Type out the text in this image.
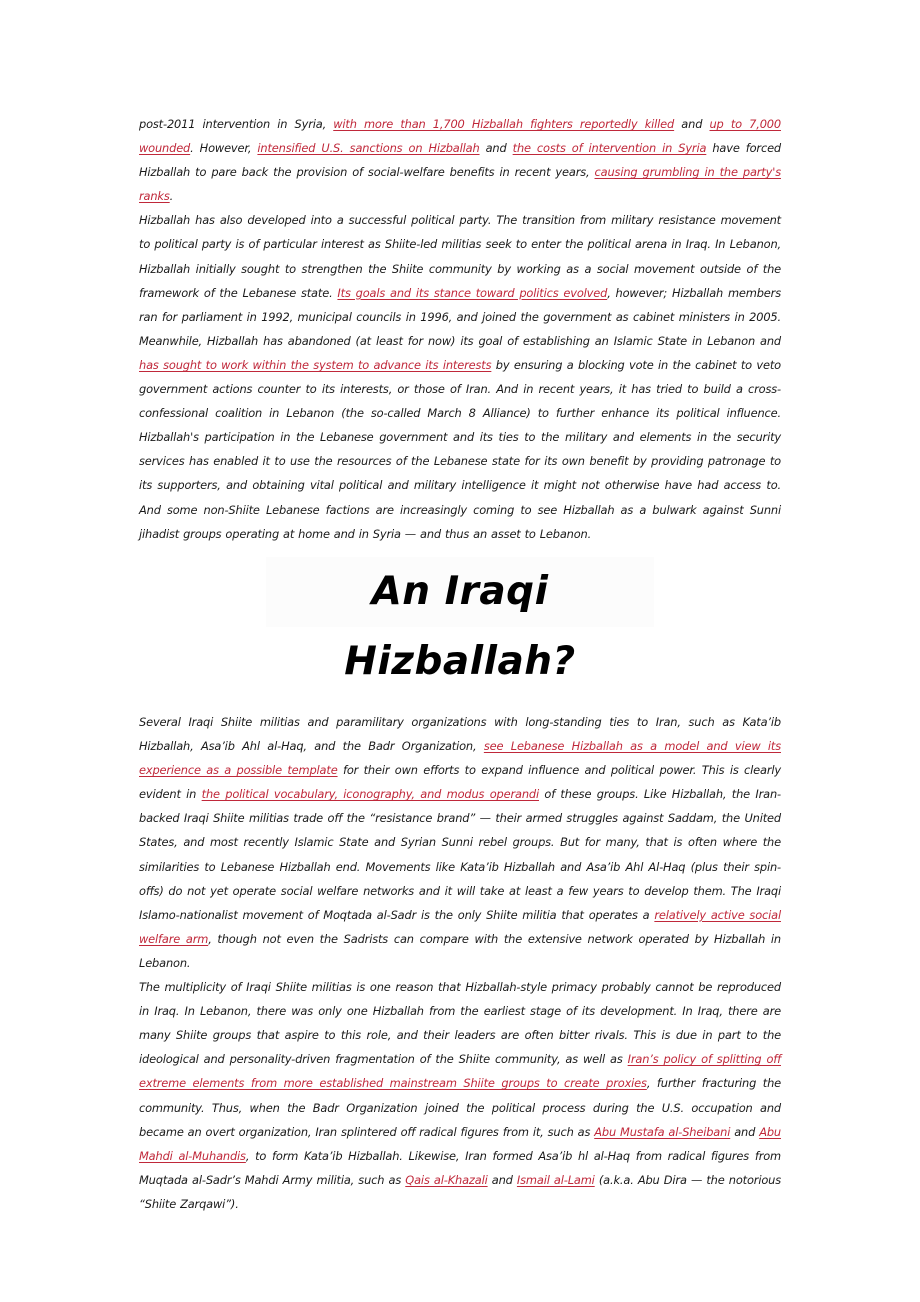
post-2011 intervention in Syria, with more than 1,700 Hizballah fighters reportedly killed and up to 7,000 wounded. However, intensified U.S. sanctions on Hizballah and the costs of intervention in Syria have forced Hizballah to pare back the provision of social-welfare benefits in recent years, causing grumbling in the party's ranks.

Hizballah has also developed into a successful political party. The transition from military resistance movement to political party is of particular interest as Shiite-led militias seek to enter the political arena in Iraq. In Lebanon, Hizballah initially sought to strengthen the Shiite community by working as a social movement outside of the framework of the Lebanese state. Its goals and its stance toward politics evolved, however; Hizballah members ran for parliament in 1992, municipal councils in 1996, and joined the government as cabinet ministers in 2005. Meanwhile, Hizballah has abandoned (at least for now) its goal of establishing an Islamic State in Lebanon and has sought to work within the system to advance its interests by ensuring a blocking vote in the cabinet to veto government actions counter to its interests, or those of Iran. And in recent years, it has tried to build a cross-confessional coalition in Lebanon (the so-called March 8 Alliance) to further enhance its political influence. Hizballah's participation in the Lebanese government and its ties to the military and elements in the security services has enabled it to use the resources of the Lebanese state for its own benefit by providing patronage to its supporters, and obtaining vital political and military intelligence it might not otherwise have had access to. And some non-Shiite Lebanese factions are increasingly coming to see Hizballah as a bulwark against Sunni jihadist groups operating at home and in Syria — and thus an asset to Lebanon.

An Iraqi Hizballah?

Several Iraqi Shiite militias and paramilitary organizations with long-standing ties to Iran, such as Kata’ib Hizballah, Asa’ib Ahl al-Haq, and the Badr Organization, see Lebanese Hizballah as a model and view its experience as a possible template for their own efforts to expand influence and political power. This is clearly evident in the political vocabulary, iconography, and modus operandi of these groups. Like Hizballah, the Iran-backed Iraqi Shiite militias trade off the “resistance brand” — their armed struggles against Saddam, the United States, and most recently Islamic State and Syrian Sunni rebel groups. But for many, that is often where the similarities to Lebanese Hizballah end. Movements like Kata’ib Hizballah and Asa’ib Ahl Al-Haq (plus their spin-offs) do not yet operate social welfare networks and it will take at least a few years to develop them. The Iraqi Islamo-nationalist movement of Moqtada al-Sadr is the only Shiite militia that operates a relatively active social welfare arm, though not even the Sadrists can compare with the extensive network operated by Hizballah in Lebanon.

The multiplicity of Iraqi Shiite militias is one reason that Hizballah-style primacy probably cannot be reproduced in Iraq. In Lebanon, there was only one Hizballah from the earliest stage of its development. In Iraq, there are many Shiite groups that aspire to this role, and their leaders are often bitter rivals. This is due in part to the ideological and personality-driven fragmentation of the Shiite community, as well as Iran’s policy of splitting off extreme elements from more established mainstream Shiite groups to create proxies, further fracturing the community. Thus, when the Badr Organization joined the political process during the U.S. occupation and became an overt organization, Iran splintered off radical figures from it, such as Abu Mustafa al-Sheibani and Abu Mahdi al-Muhandis, to form Kata’ib Hizballah. Likewise, Iran formed Asa’ib hl al-Haq from radical figures from Muqtada al-Sadr’s Mahdi Army militia, such as Qais al-Khazali and Ismail al-Lami (a.k.a. Abu Dira — the notorious “Shiite Zarqawi”).
